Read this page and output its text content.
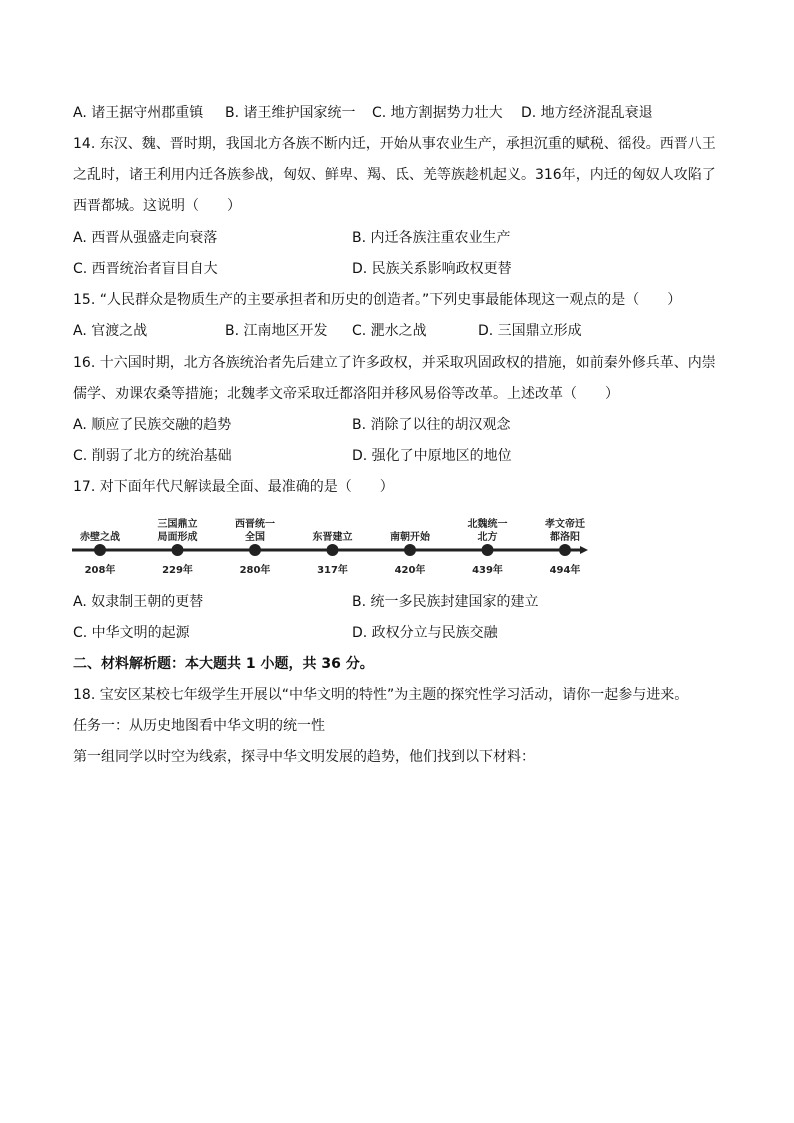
A. 诸王据守州郡重镇 B. 诸王维护国家统一 C. 地方割据势力壮大 D. 地方经济混乱衰退
14. 东汉、魏、晋时期，我国北方各族不断内迁，开始从事农业生产，承担沉重的赋税、徭役。西晋八王
之乱时，诸王利用内迁各族参战，匈奴、鲜卑、羯、氐、羌等族趁机起义。316年，内迁的匈奴人攻陷了
西晋都城。这说明（　　）
A. 西晋从强盛走向衰落	B. 内迁各族注重农业生产
C. 西晋统治者盲目自大	D. 民族关系影响政权更替
15. “人民群众是物质生产的主要承担者和历史的创造者。”下列史事最能体现这一观点的是（　　）
A. 官渡之战	B. 江南地区开发 C. 淝水之战	D. 三国鼎立形成
16. 十六国时期，北方各族统治者先后建立了许多政权，并采取巩固政权的措施，如前秦外修兵革、内崇
儒学、劝课农桑等措施；北魏孝文帝采取迁都洛阳并移风易俗等改革。上述改革（　　）
A. 顺应了民族交融的趋势	B. 消除了以往的胡汉观念
C. 削弱了北方的统治基础	D. 强化了中原地区的地位
17. 对下面年代尺解读最全面、最准确的是（　　）
赤壁之战
208年
三国鼎立
局面形成
229年
西晋统一
全国
280年
东晋建立
317年
南朝开始
420年
北魏统一
北方
439年
孝文帝迁
都洛阳
494年
A. 奴隶制王朝的更替	B. 统一多民族封建国家的建立
C. 中华文明的起源	D. 政权分立与民族交融
二、材料解析题：本大题共 1 小题，共 36 分。
18. 宝安区某校七年级学生开展以“中华文明的特性”为主题的探究性学习活动，请你一起参与进来。
任务一：从历史地图看中华文明的统一性
第一组同学以时空为线索，探寻中华文明发展的趋势，他们找到以下材料：
